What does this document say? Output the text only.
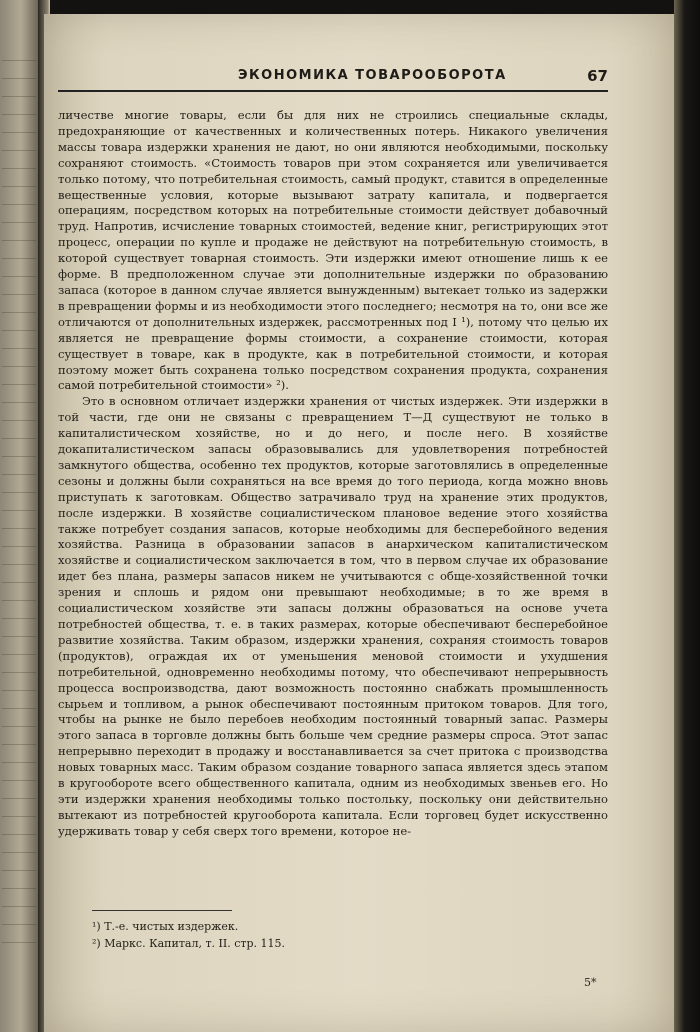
ЭКОНОМИКА ТОВАРООБОРОТА	67

личестве многие товары, если бы для них не строились специальные склады, предохраняющие от качественных и количественных потерь. Никакого увеличения массы товара издержки хранения не дают, но они являются необходимыми, поскольку сохраняют стоимость. «Стоимость товаров при этом сохраняется или увеличивается только потому, что потребительная стоимость, самый продукт, ставится в определенные вещественные условия, которые вызывают затрату капитала, и подвергается операциям, посредством которых на потребительные стоимости действует добавочный труд. Напротив, исчисление товарных стоимостей, ведение книг, регистрирующих этот процесс, операции по купле и продаже не действуют на потребительную стоимость, в которой существует товарная стоимость. Эти издержки имеют отношение лишь к ее форме. В предположенном случае эти дополнительные издержки по образованию запаса (которое в данном случае является вынужденным) вытекает только из задержки в превращении формы и из необходимости этого последнего; несмотря на то, они все же отличаются от дополнительных издержек, рассмотренных под I ¹), потому что целью их является не превращение формы стоимости, а сохранение стоимости, которая существует в товаре, как в продукте, как в потребительной стоимости, и которая поэтому может быть сохранена только посредством сохранения продукта, сохранения самой потребительной стоимости» ²).

Это в основном отличает издержки хранения от чистых издержек. Эти издержки в той части, где они не связаны с превращением Т—Д существуют не только в капиталистическом хозяйстве, но и до него, и после него. В хозяйстве докапиталистическом запасы образовывались для удовлетворения потребностей замкнутого общества, особенно тех продуктов, которые заготовлялись в определенные сезоны и должны были сохраняться на все время до того периода, когда можно вновь приступать к заготовкам. Общество затрачивало труд на хранение этих продуктов, после издержки. В хозяйстве социалистическом плановое ведение этого хозяйства также потребует создания запасов, которые необходимы для бесперебойного ведения хозяйства. Разница в образовании запасов в анархическом капиталистическом хозяйстве и социалистическом заключается в том, что в первом случае их образование идет без плана, размеры запасов никем не учитываются с обще-хозяйственной точки зрения и сплошь и рядом они превышают необходимые; в то же время в социалистическом хозяйстве эти запасы должны образоваться на основе учета потребностей общества, т. е. в таких размерах, которые обеспечивают бесперебойное развитие хозяйства. Таким образом, издержки хранения, сохраняя стоимость товаров (продуктов), ограждая их от уменьшения меновой стоимости и ухудшения потребительной, одновременно необходимы потому, что обеспечивают непрерывность процесса воспроизводства, дают возможность постоянно снабжать промышленность сырьем и топливом, а рынок обеспечивают постоянным притоком товаров. Для того, чтобы на рынке не было перебоев необходим постоянный товарный запас. Размеры этого запаса в торговле должны быть больше чем средние размеры спроса. Этот запас непрерывно переходит в продажу и восстанавливается за счет притока с производства новых товарных масс. Таким образом создание товарного запаса является здесь этапом в кругообороте всего общественного капитала, одним из необходимых звеньев его. Но эти издержки хранения необходимы только постольку, поскольку они действительно вытекают из потребностей кругооборота капитала. Если торговец будет искусственно удерживать товар у себя сверх того времени, которое не-

¹) Т.-е. чистых издержек.
²) Маркс. Капитал, т. II. стр. 115.
5*
